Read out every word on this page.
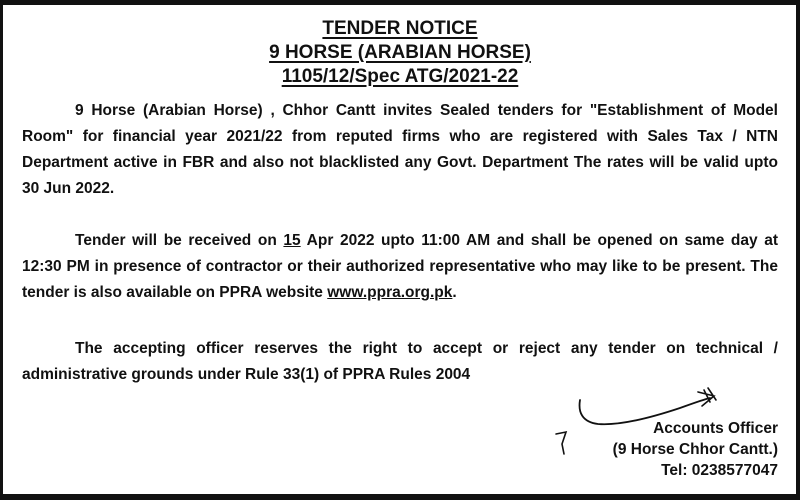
TENDER NOTICE
9 HORSE (ARABIAN HORSE)
1105/12/Spec ATG/2021-22

9 Horse (Arabian Horse) , Chhor Cantt invites Sealed tenders for "Establishment of Model Room" for financial year 2021/22 from reputed firms who are registered with Sales Tax / NTN Department active in FBR and also not blacklisted any Govt. Department The rates will be valid upto 30 Jun 2022.

Tender will be received on 15 Apr 2022 upto 11:00 AM and shall be opened on same day at 12:30 PM in presence of contractor or their authorized representative who may like to be present. The tender is also available on PPRA website www.ppra.org.pk.

The accepting officer reserves the right to accept or reject any tender on technical / administrative grounds under Rule 33(1) of PPRA Rules 2004

Accounts Officer
(9 Horse Chhor Cantt.)
Tel: 0238577047
